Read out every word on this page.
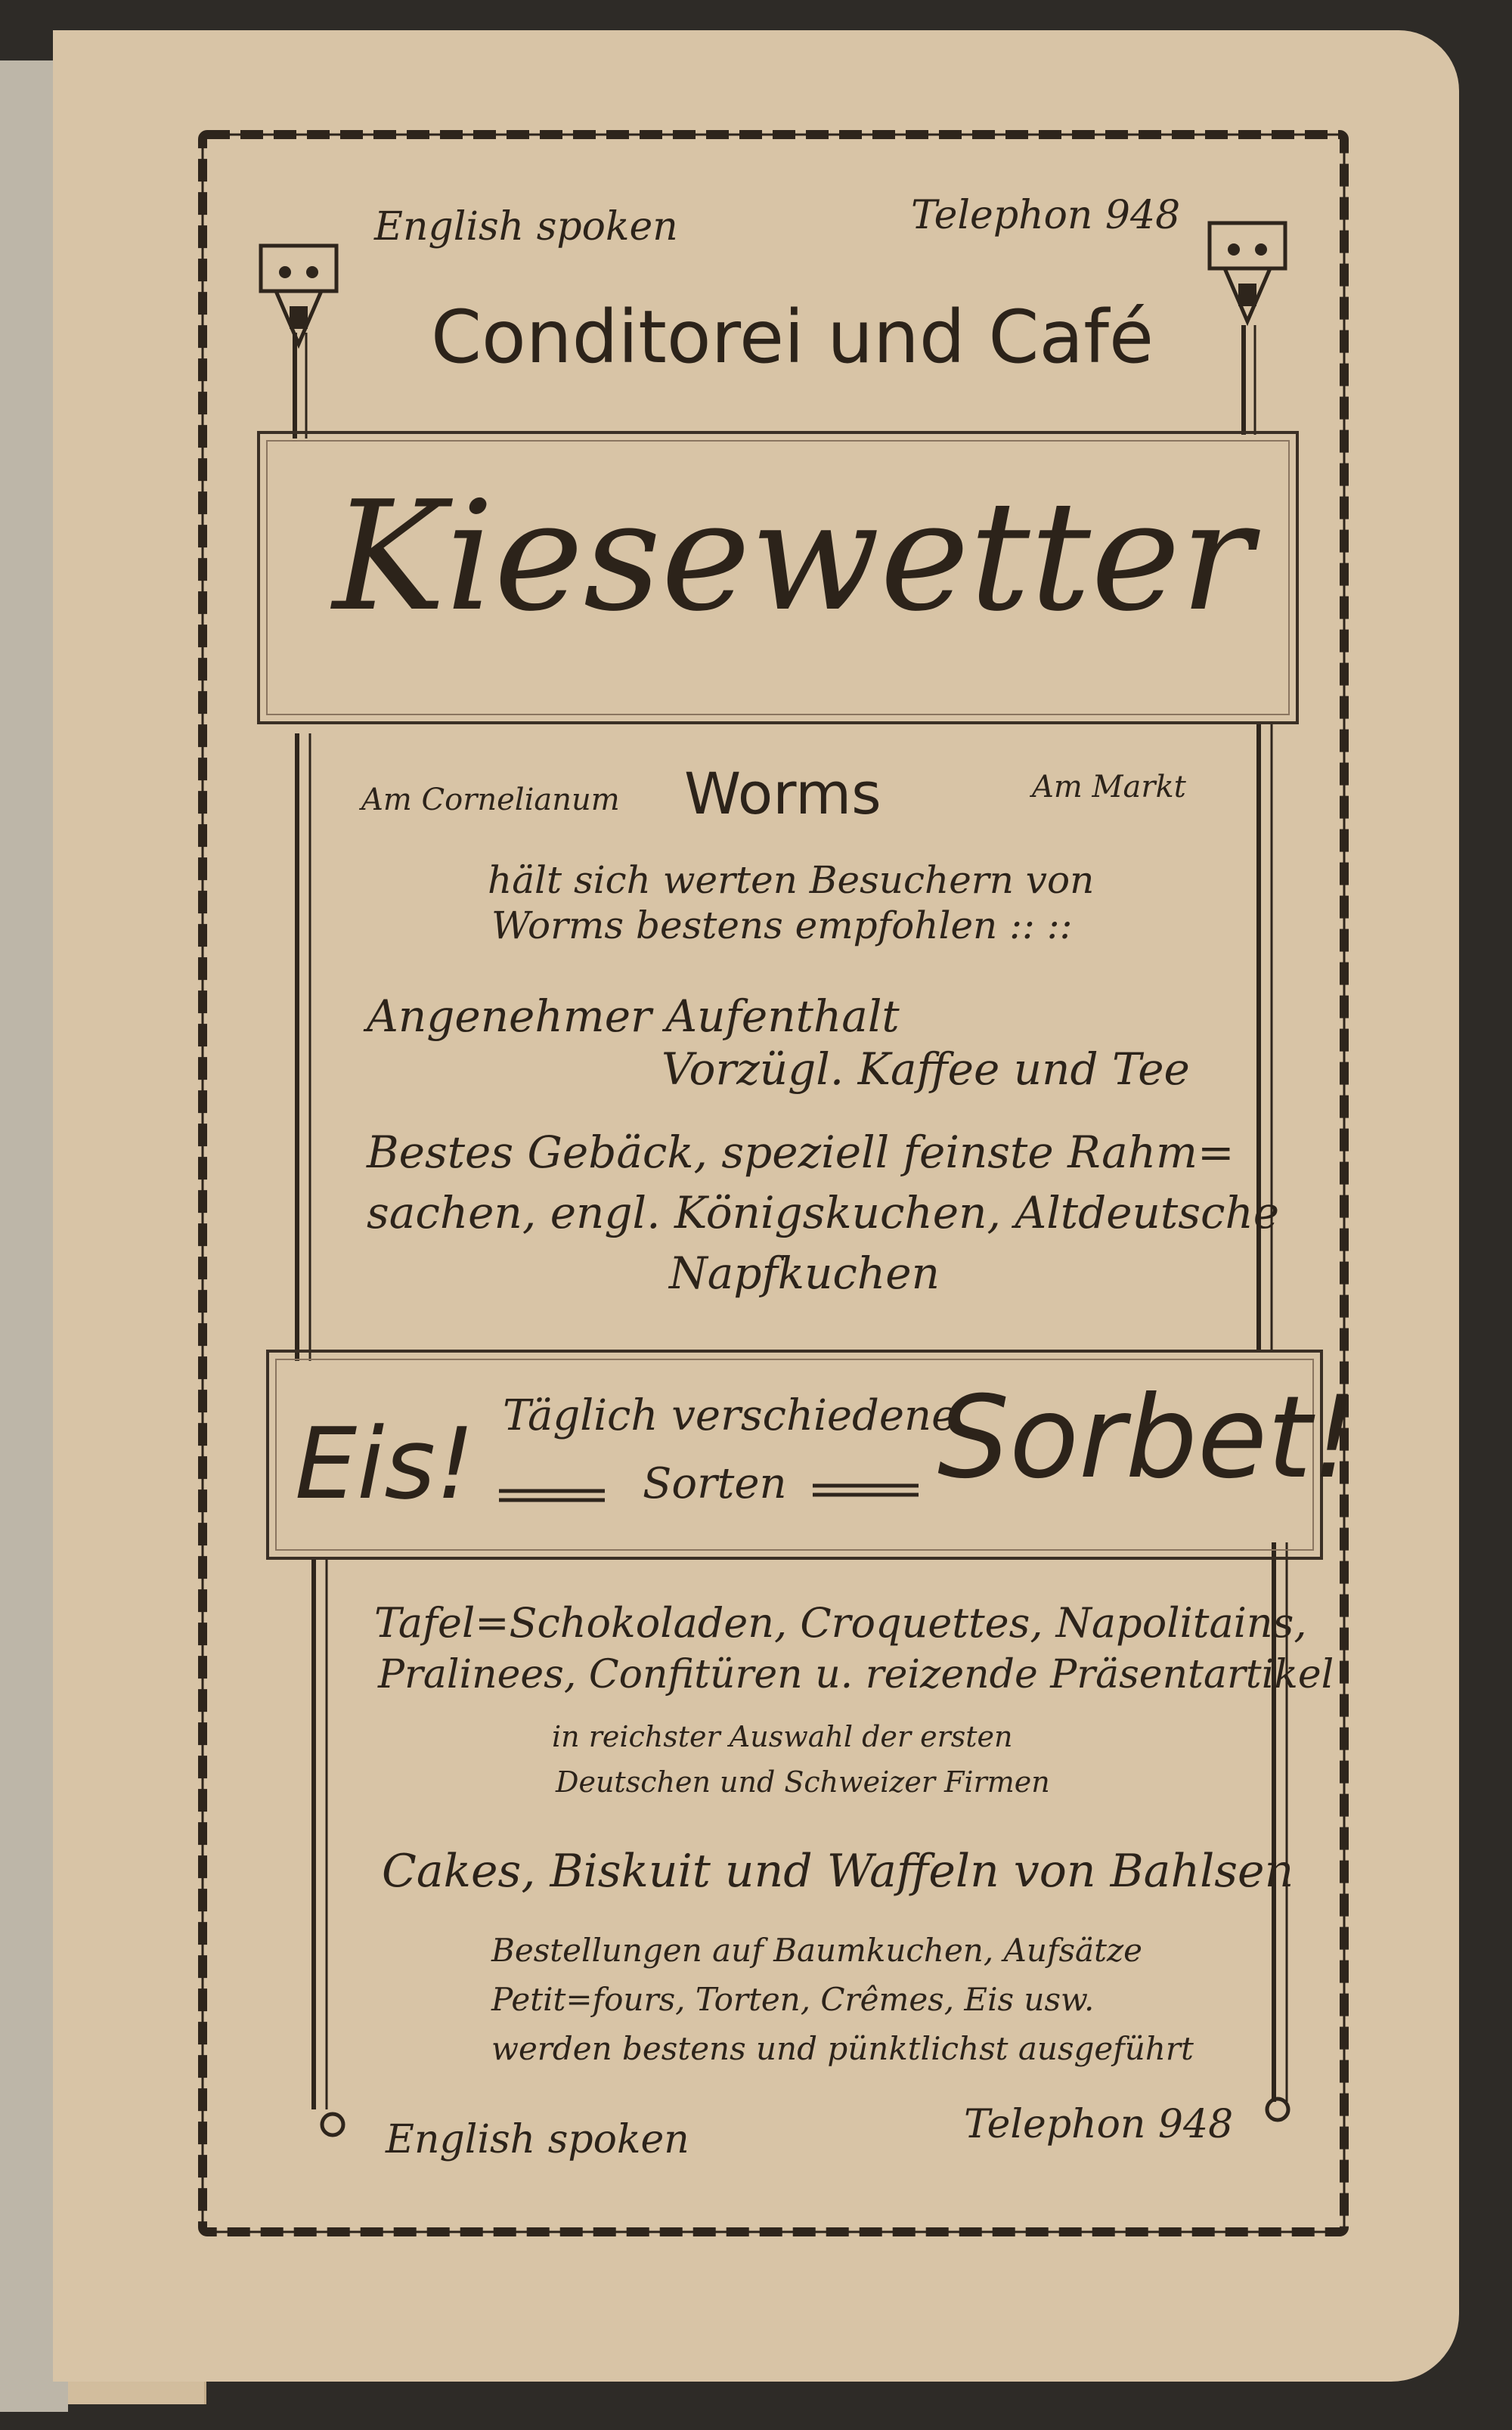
English spoken	Telephon 948
Conditorei und Café
Kiesewetter
Am Cornelianum Worms	Am Markt
hält sich werten Besuchern von
Worms bestens empfohlen :: ::
Angenehmer Aufenthalt
Vorzügl. Kaffee und Tee
Bestes Gebäck, speziell feinste Rahm=
sachen, engl. Königskuchen, Altdeutsche
Napfkuchen
Eis! Täglich verschiedene
Sorten Sorbet!
Tafel=Schokoladen, Croquettes, Napolitains,
Pralinees, Confitüren u. reizende Präsentartikel
in reichster Auswahl der ersten
Deutschen und Schweizer Firmen
Cakes, Biskuit und Waffeln von Bahlsen
Bestellungen auf Baumkuchen, Aufsätze
Petit=fours, Torten, Crêmes, Eis usw.
werden bestens und pünktlichst ausgeführt
English spoken	Telephon 948
